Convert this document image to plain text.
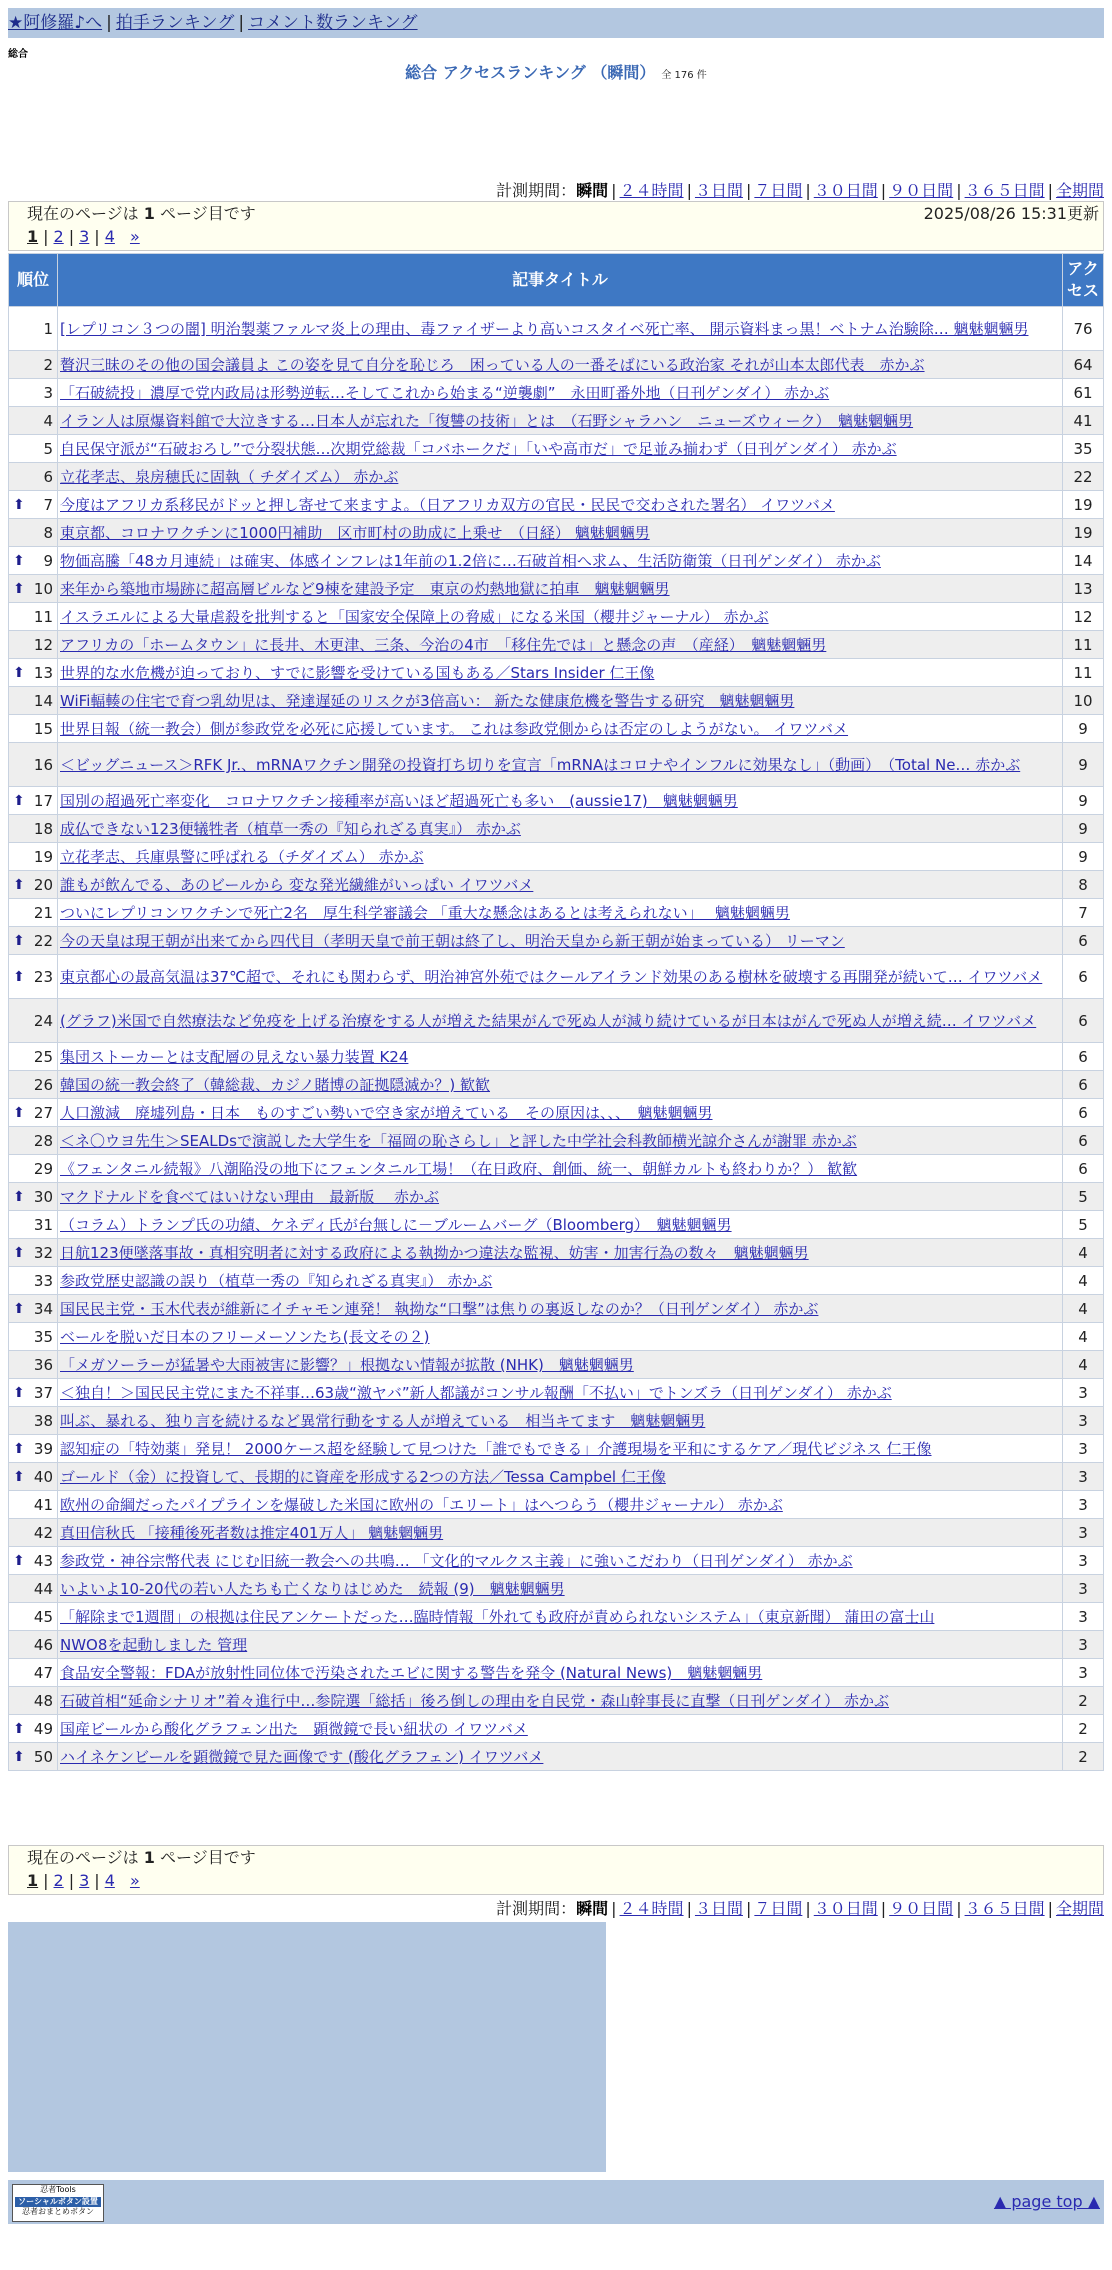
★阿修羅♪へ | 拍手ランキング | コメント数ランキング
総合
総合 アクセスランキング （瞬間） 全 176 件
計測期間：瞬間 | ２４時間 | ３日間 | ７日間 | ３０日間 | ９０日間 | ３６５日間 | 全期間
現在のページは 1 ページ目です	2025/08/26 15:31更新
1 | 2 | 3 | 4 »
順位	記事タイトル	アクセス
1	[レプリコン３つの闇] 明治製薬ファルマ炎上の理由、毒ファイザーより高いコスタイベ死亡率、 開示資料まっ黒！ベトナム治験除… 魑魅魍魎男	76
2	贅沢三昧のその他の国会議員よ この姿を見て自分を恥じろ　困っている人の一番そばにいる政治家 それが山本太郎代表　赤かぶ	64
3	「石破続投」濃厚で党内政局は形勢逆転…そしてこれから始まる“逆襲劇”　永田町番外地（日刊ゲンダイ） 赤かぶ	61
4	イラン人は原爆資料館で大泣きする…日本人が忘れた「復讐の技術」とは　（石野シャラハン　ニューズウィーク）　魑魅魍魎男	41
5	自民保守派が“石破おろし”で分裂状態…次期党総裁「コバホークだ」「いや高市だ」で足並み揃わず（日刊ゲンダイ） 赤かぶ	35
6	立花孝志、泉房穂氏に固執（ チダイズム） 赤かぶ	22

⬆ 7	今度はアフリカ系移民がドッと押し寄せて来ますよ。（日アフリカ双方の官民・民民で交わされた署名） イワツバメ	19
8	東京都、コロナワクチンに1000円補助　区市町村の助成に上乗せ　（日経） 魑魅魍魎男	19

⬆ 9	物価高騰「48カ月連続」は確実、体感インフレは1年前の1.2倍に…石破首相へ求ム、生活防衛策（日刊ゲンダイ） 赤かぶ	14

⬆ 10	来年から築地市場跡に超高層ビルなど9棟を建設予定　東京の灼熱地獄に拍車　魑魅魍魎男	13
11	イスラエルによる大量虐殺を批判すると「国家安全保障上の脅威」になる米国（櫻井ジャーナル） 赤かぶ	12
12	アフリカの「ホームタウン」に長井、木更津、三条、今治の4市　「移住先では」と懸念の声　（産経）　魑魅魍魎男	11

⬆ 13	世界的な水危機が迫っており、すでに影響を受けている国もある／Stars Insider 仁王像	11
14	WiFi輻輳の住宅で育つ乳幼児は、発達遅延のリスクが3倍高い： 新たな健康危機を警告する研究　魑魅魍魎男	10
15	世界日報（統一教会）側が参政党を必死に応援しています。 これは参政党側からは否定のしようがない。 イワツバメ	9
16	＜ビッグニュース＞RFK Jr.、mRNAワクチン開発の投資打ち切りを宣言「mRNAはコロナやインフルに効果なし」（動画）　（Total Ne… 赤かぶ	9

⬆ 17	国別の超過死亡率変化　コロナワクチン接種率が高いほど超過死亡も多い　(aussie17)　魑魅魍魎男	9
18	成仏できない123便犠牲者（植草一秀の『知られざる真実』） 赤かぶ	9
19	立花孝志、兵庫県警に呼ばれる（チダイズム） 赤かぶ	9

⬆ 20	誰もが飲んでる、あのビールから 変な発光繊維がいっぱい イワツバメ	8
21	ついにレプリコンワクチンで死亡2名　厚生科学審議会 「重大な懸念はあるとは考えられない」　 魑魅魍魎男	7

⬆ 22	今の天皇は現王朝が出来てから四代目（孝明天皇で前王朝は終了し、明治天皇から新王朝が始まっている） リーマン	6

⬆ 23	東京都心の最高気温は37℃超で、それにも関わらず、明治神宮外苑ではクールアイランド効果のある樹林を破壊する再開発が続いて… イワツバメ	6
24	(グラフ)米国で自然療法など免疫を上げる治療をする人が増えた結果がんで死ぬ人が減り続けているが日本はがんで死ぬ人が増え続… イワツバメ	6
25	集団ストーカーとは支配層の見えない暴力装置 K24	6
26	韓国の統一教会終了（韓総裁、カジノ賭博の証拠隠滅か？) 歓歓	6

⬆ 27	人口激減　廃墟列島・日本　ものすごい勢いで空き家が増えている　その原因は、、、　魑魅魍魎男	6
28	＜ネ〇ウヨ先生＞SEALDsで演説した大学生を「福岡の恥さらし」と評した中学社会科教師横光諒介さんが謝罪 赤かぶ	6
29	《フェンタニル続報》八潮陥没の地下にフェンタニル工場！（在日政府、創価、統一、朝鮮カルトも終わりか？） 歓歓	6

⬆ 30	マクドナルドを食べてはいけない理由　最新版　 赤かぶ	5
31	（コラム）トランプ氏の功績、ケネディ氏が台無しに－ブルームバーグ（Bloomberg）　魑魅魍魎男	5

⬆ 32	日航123便墜落事故・真相究明者に対する政府による執拗かつ違法な監視、妨害・加害行為の数々　魑魅魍魎男	4
33	参政党歴史認識の誤り（植草一秀の『知られざる真実』） 赤かぶ	4

⬆ 34	国民民主党・玉木代表が維新にイチャモン連発！ 執拗な“口撃”は焦りの裏返しなのか？（日刊ゲンダイ） 赤かぶ	4
35	ベールを脱いだ日本のフリーメーソンたち(長文その２)	4
36	「メガソーラーが猛暑や大雨被害に影響？」根拠ない情報が拡散 (NHK)　魑魅魍魎男	4

⬆ 37	＜独自！＞国民民主党にまた不祥事…63歳“激ヤバ”新人都議がコンサル報酬「不払い」でトンズラ（日刊ゲンダイ） 赤かぶ	3
38	叫ぶ、暴れる、独り言を続けるなど異常行動をする人が増えている　相当キてます　魑魅魍魎男	3

⬆ 39	認知症の「特効薬」発見！ 2000ケース超を経験して見つけた「誰でもできる」介護現場を平和にするケア／現代ビジネス 仁王像	3

⬆ 40	ゴールド（金）に投資して、長期的に資産を形成する2つの方法／Tessa Campbel 仁王像	3
41	欧州の命綱だったパイプラインを爆破した米国に欧州の「エリート」はへつらう（櫻井ジャーナル） 赤かぶ	3
42	真田信秋氏 「接種後死者数は推定401万人」 魑魅魍魎男	3

⬆ 43	参政党・神谷宗幣代表 にじむ旧統一教会への共鳴… 「文化的マルクス主義」に強いこだわり（日刊ゲンダイ） 赤かぶ	3
44	いよいよ10-20代の若い人たちも亡くなりはじめた　続報 (9)　魑魅魍魎男	3
45	「解除まで1週間」の根拠は住民アンケートだった…臨時情報「外れても政府が責められないシステム」（東京新聞） 蒲田の富士山	3
46	NWO8を起動しました 管理	3
47	食品安全警報：FDAが放射性同位体で汚染されたエビに関する警告を発令 (Natural News)　魑魅魍魎男	3
48	石破首相“延命シナリオ”着々進行中…参院選「総括」後ろ倒しの理由を自民党・森山幹事長に直撃（日刊ゲンダイ） 赤かぶ	2

⬆ 49	国産ビールから酸化グラフェン出た　顕微鏡で長い紐状の イワツバメ	2

⬆ 50	ハイネケンビールを顕微鏡で見た画像です (酸化グラフェン) イワツバメ	2
現在のページは 1 ページ目です
1 | 2 | 3 | 4 »
計測期間：瞬間 | ２４時間 | ３日間 | ７日間 | ３０日間 | ９０日間 | ３６５日間 | 全期間
忍者Tools
ソーシャルボタン設置
忍者おまとめボタン
▲ page top ▲
